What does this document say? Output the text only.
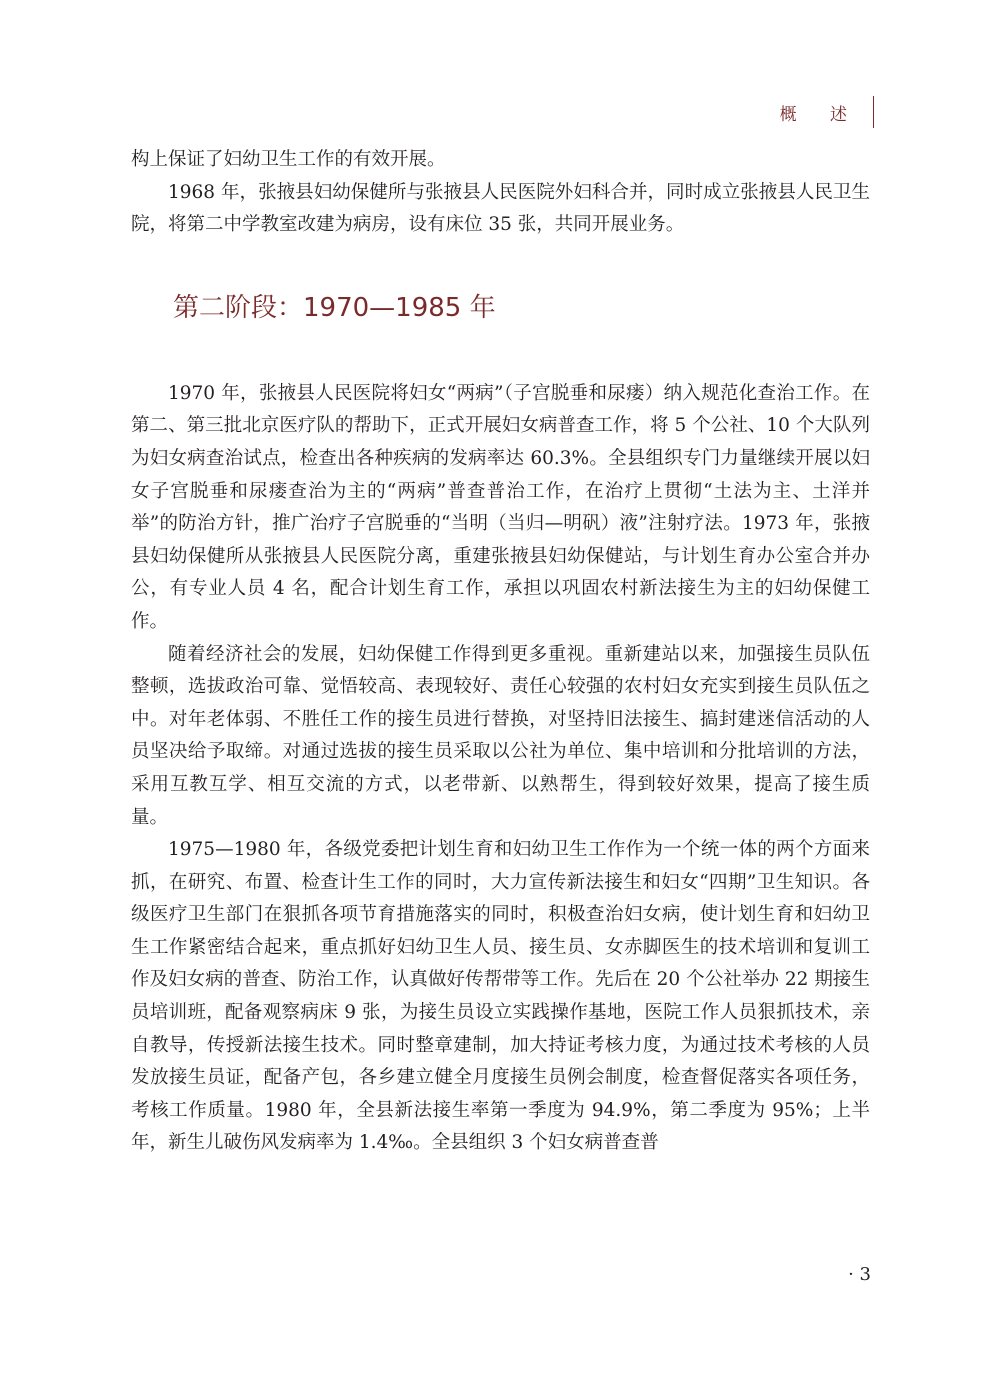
概 述

构上保证了妇幼卫生工作的有效开展。

1968 年，张掖县妇幼保健所与张掖县人民医院外妇科合并，同时成立张掖县人民卫生院，将第二中学教室改建为病房，设有床位 35 张，共同开展业务。

第二阶段：1970—1985 年

1970 年，张掖县人民医院将妇女“两病”（子宫脱垂和尿瘘）纳入规范化查治工作。在第二、第三批北京医疗队的帮助下，正式开展妇女病普查工作，将 5 个公社、10 个大队列为妇女病查治试点，检查出各种疾病的发病率达 60.3%。全县组织专门力量继续开展以妇女子宫脱垂和尿瘘查治为主的“两病”普查普治工作，在治疗上贯彻“土法为主、土洋并举”的防治方针，推广治疗子宫脱垂的“当明（当归—明矾）液”注射疗法。1973 年，张掖县妇幼保健所从张掖县人民医院分离，重建张掖县妇幼保健站，与计划生育办公室合并办公，有专业人员 4 名，配合计划生育工作，承担以巩固农村新法接生为主的妇幼保健工作。

随着经济社会的发展，妇幼保健工作得到更多重视。重新建站以来，加强接生员队伍整顿，选拔政治可靠、觉悟较高、表现较好、责任心较强的农村妇女充实到接生员队伍之中。对年老体弱、不胜任工作的接生员进行替换，对坚持旧法接生、搞封建迷信活动的人员坚决给予取缔。对通过选拔的接生员采取以公社为单位、集中培训和分批培训的方法，采用互教互学、相互交流的方式，以老带新、以熟帮生，得到较好效果，提高了接生质量。

1975—1980 年，各级党委把计划生育和妇幼卫生工作作为一个统一体的两个方面来抓，在研究、布置、检查计生工作的同时，大力宣传新法接生和妇女“四期”卫生知识。各级医疗卫生部门在狠抓各项节育措施落实的同时，积极查治妇女病，使计划生育和妇幼卫生工作紧密结合起来，重点抓好妇幼卫生人员、接生员、女赤脚医生的技术培训和复训工作及妇女病的普查、防治工作，认真做好传帮带等工作。先后在 20 个公社举办 22 期接生员培训班，配备观察病床 9 张，为接生员设立实践操作基地，医院工作人员狠抓技术，亲自教导，传授新法接生技术。同时整章建制，加大持证考核力度，为通过技术考核的人员发放接生员证，配备产包，各乡建立健全月度接生员例会制度，检查督促落实各项任务，考核工作质量。1980 年，全县新法接生率第一季度为 94.9%，第二季度为 95%；上半年，新生儿破伤风发病率为 1.4‰。全县组织 3 个妇女病普查普

· 3
